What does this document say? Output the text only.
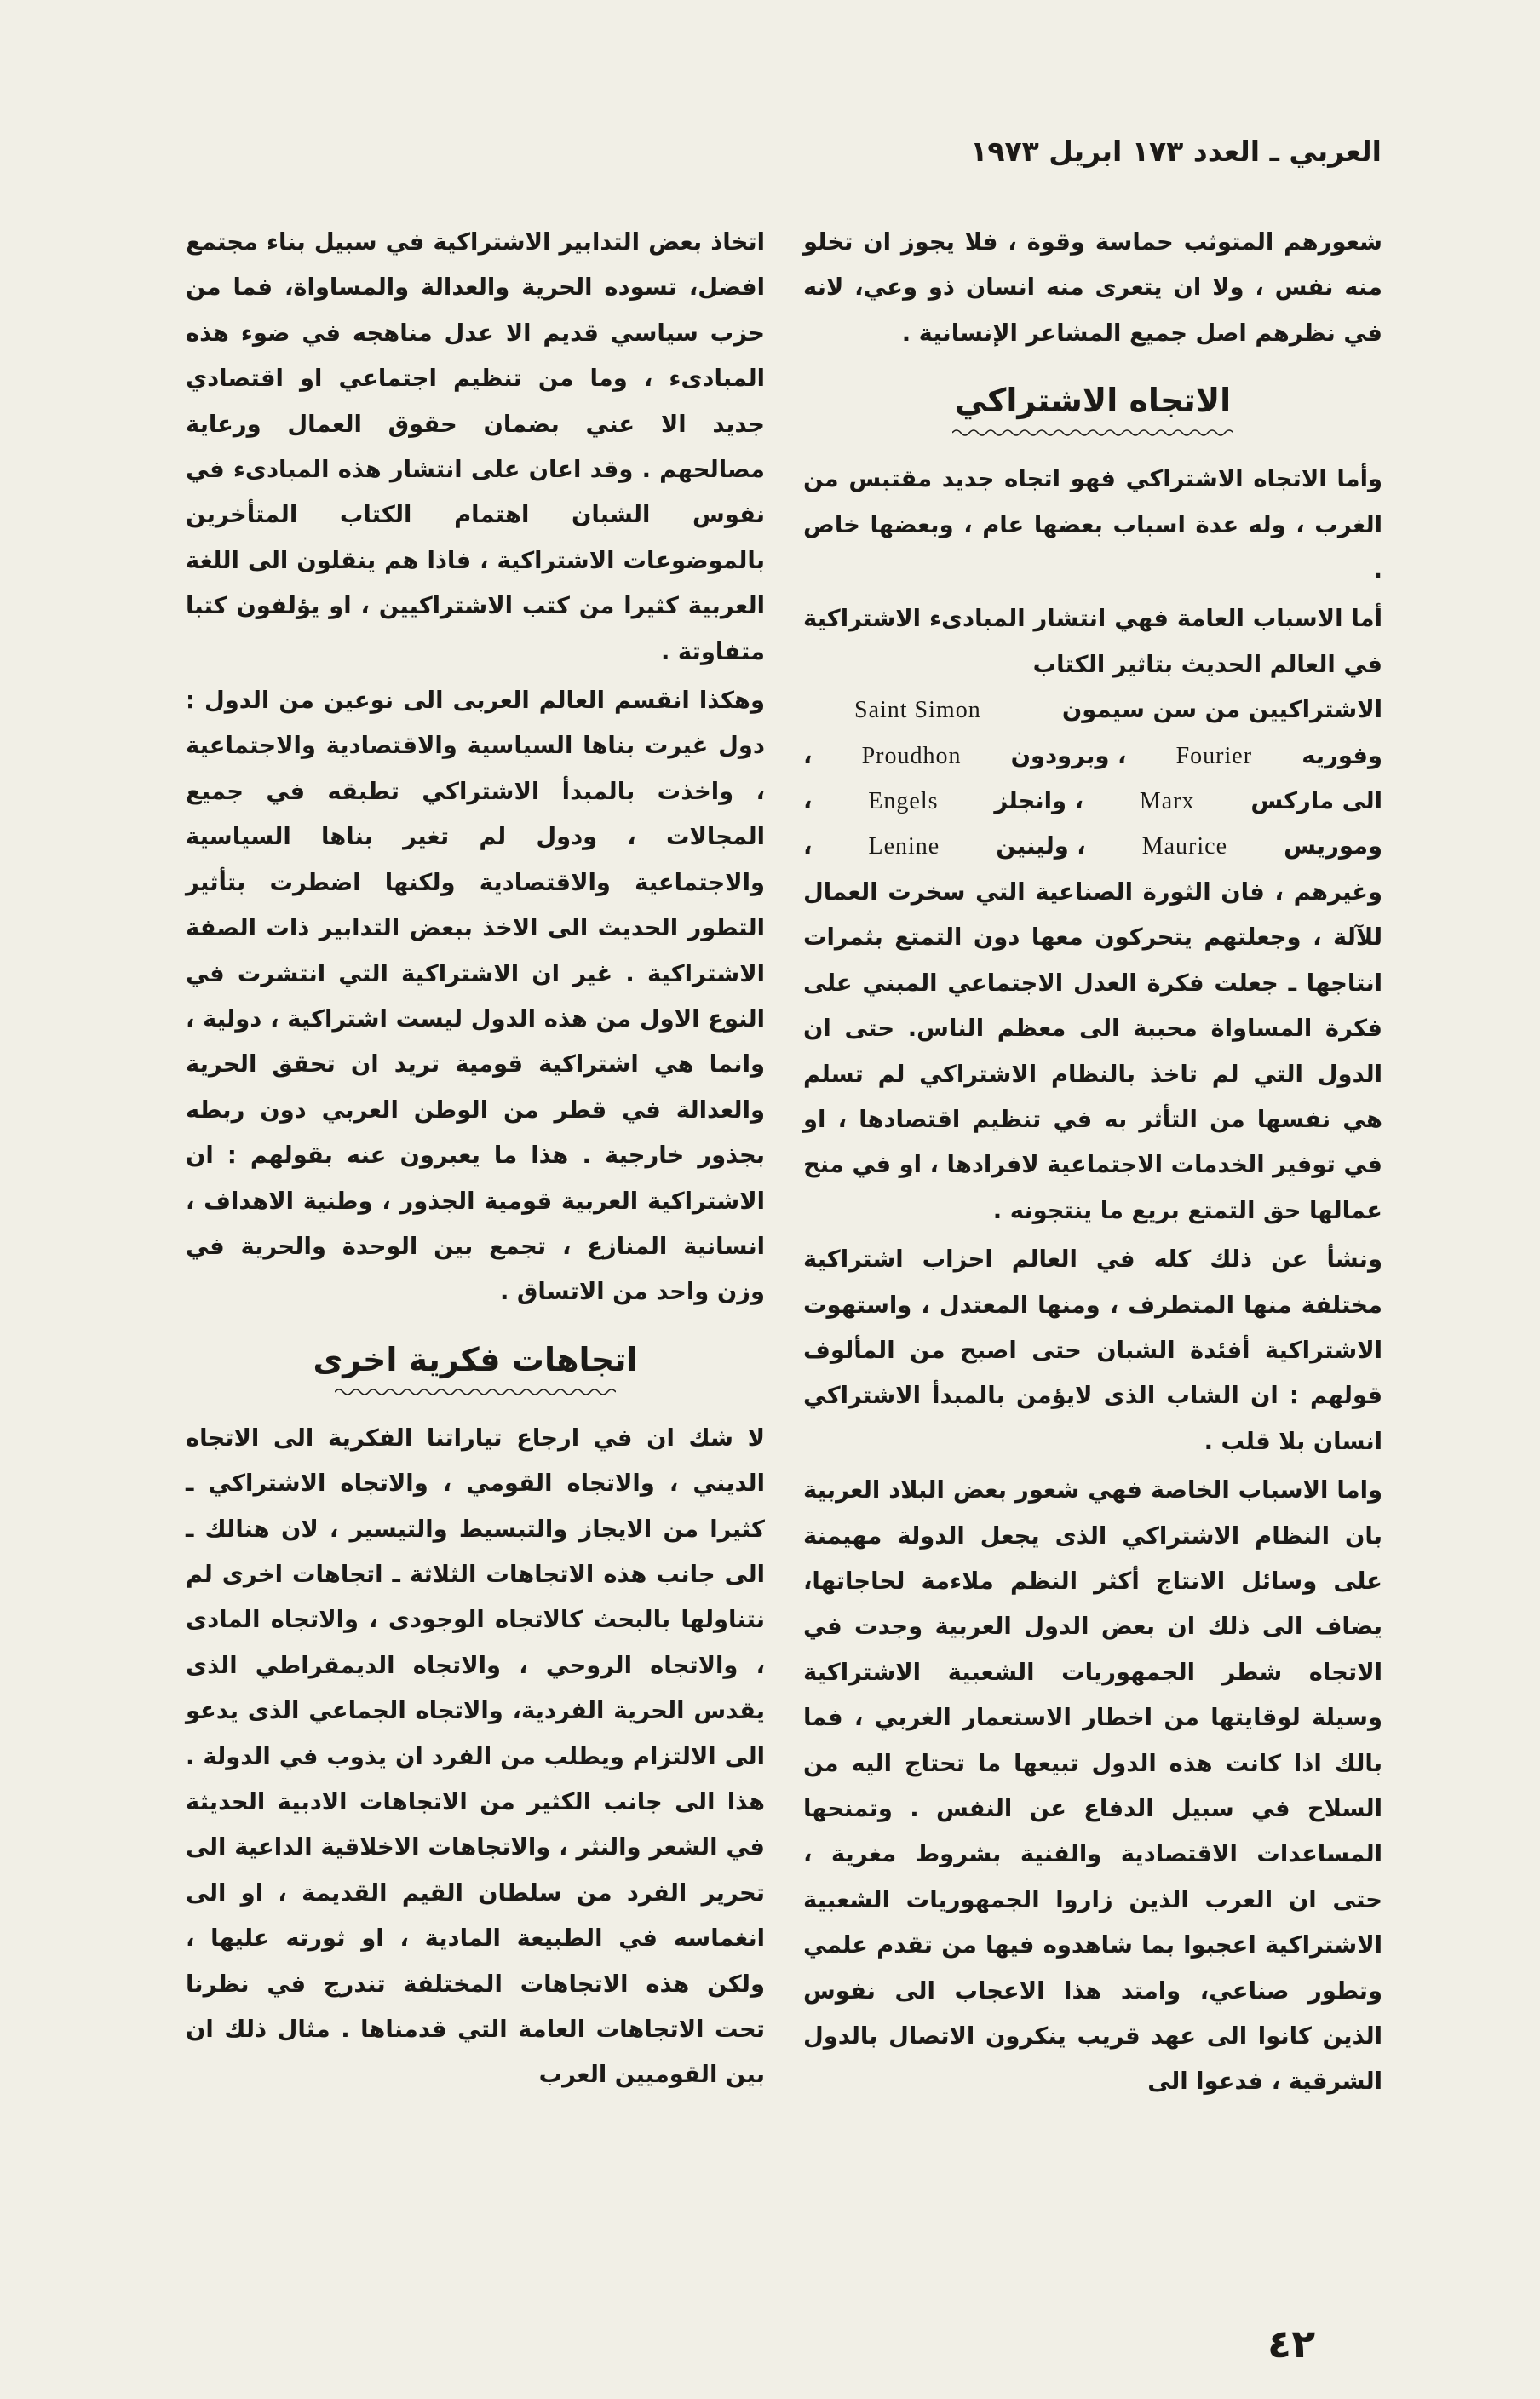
العربي ـ العدد ١٧٣ ابريل ١٩٧٣

شعورهم المتوثب حماسة وقوة ، فلا يجوز ان تخلو منه نفس ، ولا ان يتعرى منه انسان ذو وعي، لانه في نظرهم اصل جميع المشاعر الإنسانية .

الاتجاه الاشتراكي

وأما الاتجاه الاشتراكي فهو اتجاه جديد مقتبس من الغرب ، وله عدة اسباب بعضها عام ، وبعضها خاص .

أما الاسباب العامة فهي انتشار المبادىء الاشتراكية في العالم الحديث بتاثير الكتاب

الاشتراكيين من سن سيمون
Saint Simon
وفوريه
Fourier
، وبرودون
Proudhon
،
الى ماركس
Marx
، وانجلز
Engels
،
وموريس
Maurice
، ولينين
Lenine
،

وغيرهم ، فان الثورة الصناعية التي سخرت العمال للآلة ، وجعلتهم يتحركون معها دون التمتع بثمرات انتاجها ـ جعلت فكرة العدل الاجتماعي المبني على فكرة المساواة محببة الى معظم الناس. حتى ان الدول التي لم تاخذ بالنظام الاشتراكي لم تسلم هي نفسها من التأثر به في تنظيم اقتصادها ، او في توفير الخدمات الاجتماعية لافرادها ، او في منح عمالها حق التمتع بريع ما ينتجونه .

ونشأ عن ذلك كله في العالم احزاب اشتراكية مختلفة منها المتطرف ، ومنها المعتدل ، واستهوت الاشتراكية أفئدة الشبان حتى اصبح من المألوف قولهم : ان الشاب الذى لايؤمن بالمبدأ الاشتراكي انسان بلا قلب .

واما الاسباب الخاصة فهي شعور بعض البلاد العربية بان النظام الاشتراكي الذى يجعل الدولة مهيمنة على وسائل الانتاج أكثر النظم ملاءمة لحاجاتها، يضاف الى ذلك ان بعض الدول العربية وجدت في الاتجاه شطر الجمهوريات الشعبية الاشتراكية وسيلة لوقايتها من اخطار الاستعمار الغربي ، فما بالك اذا كانت هذه الدول تبيعها ما تحتاج اليه من السلاح في سبيل الدفاع عن النفس . وتمنحها المساعدات الاقتصادية والفنية بشروط مغرية ، حتى ان العرب الذين زاروا الجمهوريات الشعبية الاشتراكية اعجبوا بما شاهدوه فيها من تقدم علمي وتطور صناعي، وامتد هذا الاعجاب الى نفوس الذين كانوا الى عهد قريب ينكرون الاتصال بالدول الشرقية ، فدعوا الى

اتخاذ بعض التدابير الاشتراكية في سبيل بناء مجتمع افضل، تسوده الحرية والعدالة والمساواة، فما من حزب سياسي قديم الا عدل مناهجه في ضوء هذه المبادىء ، وما من تنظيم اجتماعي او اقتصادي جديد الا عني بضمان حقوق العمال ورعاية مصالحهم . وقد اعان على انتشار هذه المبادىء في نفوس الشبان اهتمام الكتاب المتأخرين بالموضوعات الاشتراكية ، فاذا هم ينقلون الى اللغة العربية كثيرا من كتب الاشتراكيين ، او يؤلفون كتبا متفاوتة .

وهكذا انقسم العالم العربى الى نوعين من الدول : دول غيرت بناها السياسية والاقتصادية والاجتماعية ، واخذت بالمبدأ الاشتراكي تطبقه في جميع المجالات ، ودول لم تغير بناها السياسية والاجتماعية والاقتصادية ولكنها اضطرت بتأثير التطور الحديث الى الاخذ ببعض التدابير ذات الصفة الاشتراكية . غير ان الاشتراكية التي انتشرت في النوع الاول من هذه الدول ليست اشتراكية ، دولية ، وانما هي اشتراكية قومية تريد ان تحقق الحرية والعدالة في قطر من الوطن العربي دون ربطه بجذور خارجية . هذا ما يعبرون عنه بقولهم : ان الاشتراكية العربية قومية الجذور ، وطنية الاهداف ، انسانية المنازع ، تجمع بين الوحدة والحرية في وزن واحد من الاتساق .

اتجاهات فكرية اخرى

لا شك ان في ارجاع تياراتنا الفكرية الى الاتجاه الديني ، والاتجاه القومي ، والاتجاه الاشتراكي ـ كثيرا من الايجاز والتبسيط والتيسير ، لان هنالك ـ الى جانب هذه الاتجاهات الثلاثة ـ اتجاهات اخرى لم نتناولها بالبحث كالاتجاه الوجودى ، والاتجاه المادى ، والاتجاه الروحي ، والاتجاه الديمقراطي الذى يقدس الحرية الفردية، والاتجاه الجماعي الذى يدعو الى الالتزام ويطلب من الفرد ان يذوب في الدولة . هذا الى جانب الكثير من الاتجاهات الادبية الحديثة في الشعر والنثر ، والاتجاهات الاخلاقية الداعية الى تحرير الفرد من سلطان القيم القديمة ، او الى انغماسه في الطبيعة المادية ، او ثورته عليها ، ولكن هذه الاتجاهات المختلفة تندرج في نظرنا تحت الاتجاهات العامة التي قدمناها . مثال ذلك ان بين القوميين العرب

٤٢
